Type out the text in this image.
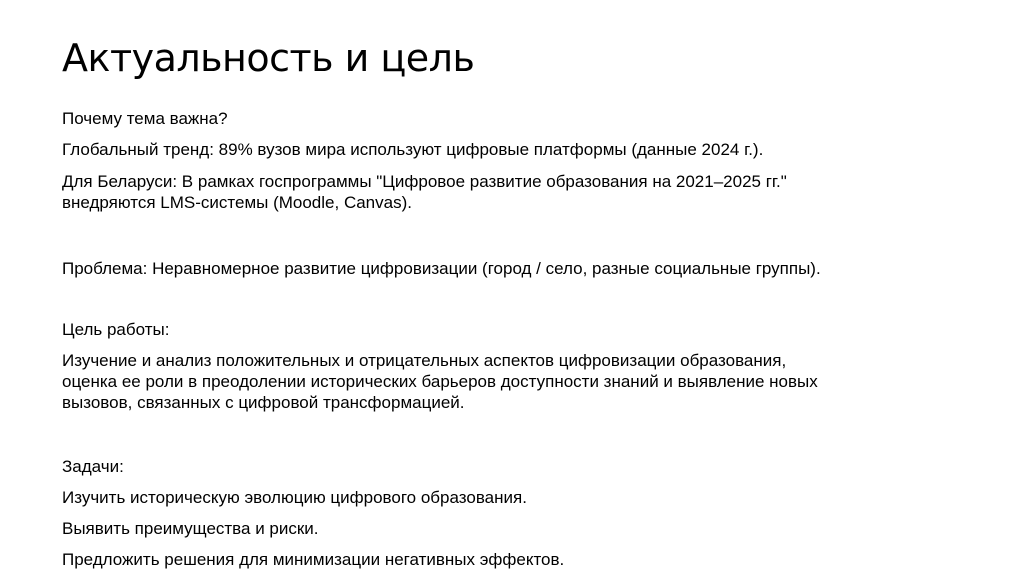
Актуальность и цель
Почему тема важна?
Глобальный тренд: 89% вузов мира используют цифровые платформы (данные 2024 г.).
Для Беларуси: В рамках госпрограммы "Цифровое развитие образования на 2021–2025 гг."
внедряются LMS-системы (Moodle, Canvas).
Проблема: Неравномерное развитие цифровизации (город / село, разные социальные группы).
Цель работы:
Изучение и анализ положительных и отрицательных аспектов цифровизации образования,
оценка ее роли в преодолении исторических барьеров доступности знаний и выявление новых
вызовов, связанных с цифровой трансформацией.
Задачи:
Изучить историческую эволюцию цифрового образования.
Выявить преимущества и риски.
Предложить решения для минимизации негативных эффектов.
